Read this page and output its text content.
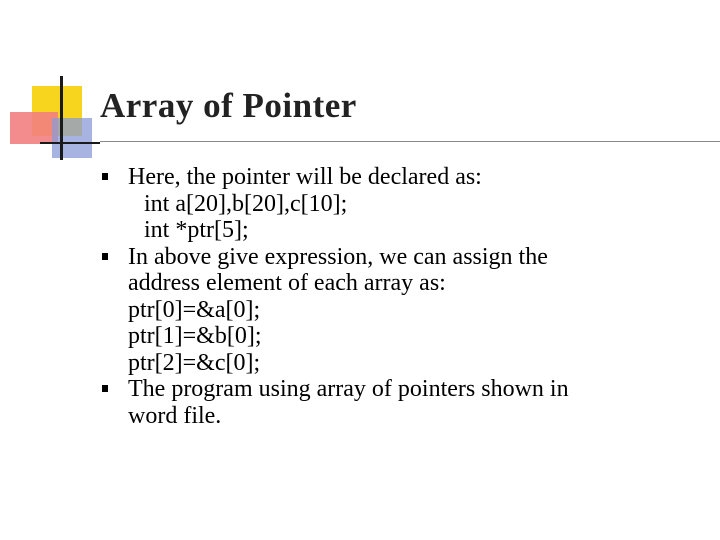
Array of Pointer
Here, the pointer will be declared as:
int a[20],b[20],c[10];
int *ptr[5];
In above give expression, we can assign the
address element of each array as:
ptr[0]=&a[0];
ptr[1]=&b[0];
ptr[2]=&c[0];
The program using array of pointers shown in
word file.
